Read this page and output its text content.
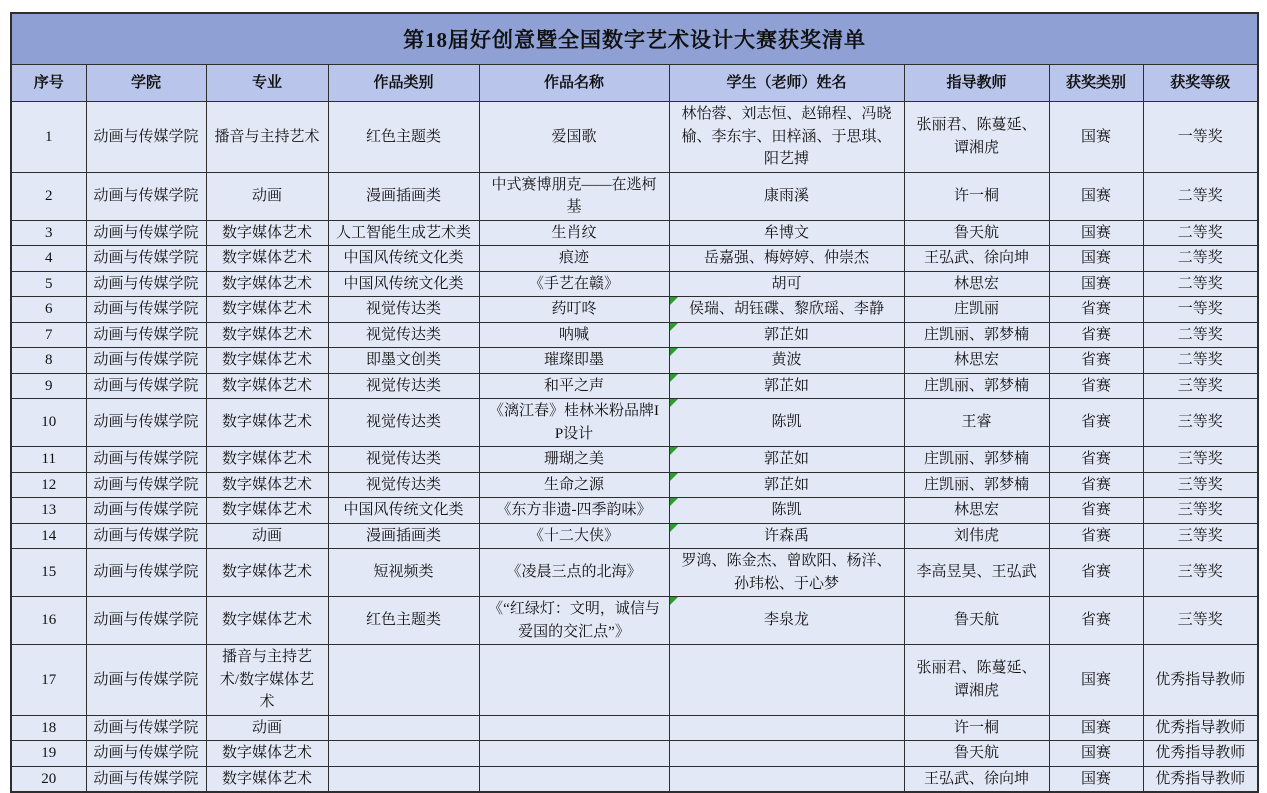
第18届好创意暨全国数字艺术设计大赛获奖清单								
序号	学院	专业	作品类别	作品名称	学生（老师）姓名	指导教师	获奖类别	获奖等级
1	动画与传媒学院	播音与主持艺术	红色主题类	爱国歌	林怡蓉、刘志恒、赵锦程、冯晓榆、李东宇、田梓涵、于思琪、阳艺搏	张丽君、陈蔓延、谭湘虎	国赛	一等奖
2	动画与传媒学院	动画	漫画插画类	中式赛博朋克——在逃柯基	康雨溪	许一桐	国赛	二等奖
3	动画与传媒学院	数字媒体艺术	人工智能生成艺术类	生肖纹	牟博文	鲁天航	国赛	二等奖
4	动画与传媒学院	数字媒体艺术	中国风传统文化类	痕迹	岳嘉强、梅婷婷、仲崇杰	王弘武、徐向坤	国赛	二等奖
5	动画与传媒学院	数字媒体艺术	中国风传统文化类	《手艺在赣》	胡可	林思宏	国赛	二等奖
6	动画与传媒学院	数字媒体艺术	视觉传达类	药叮咚	侯瑞、胡钰碟、黎欣瑶、李静	庄凯丽	省赛	一等奖
7	动画与传媒学院	数字媒体艺术	视觉传达类	呐喊	郭芷如	庄凯丽、郭梦楠	省赛	二等奖
8	动画与传媒学院	数字媒体艺术	即墨文创类	璀璨即墨	黄波	林思宏	省赛	二等奖
9	动画与传媒学院	数字媒体艺术	视觉传达类	和平之声	郭芷如	庄凯丽、郭梦楠	省赛	三等奖
10	动画与传媒学院	数字媒体艺术	视觉传达类	《漓江春》桂林米粉品牌IP设计	陈凯	王睿	省赛	三等奖
11	动画与传媒学院	数字媒体艺术	视觉传达类	珊瑚之美	郭芷如	庄凯丽、郭梦楠	省赛	三等奖
12	动画与传媒学院	数字媒体艺术	视觉传达类	生命之源	郭芷如	庄凯丽、郭梦楠	省赛	三等奖
13	动画与传媒学院	数字媒体艺术	中国风传统文化类	《东方非遗-四季韵味》	陈凯	林思宏	省赛	三等奖
14	动画与传媒学院	动画	漫画插画类	《十二大侠》	许森禹	刘伟虎	省赛	三等奖
15	动画与传媒学院	数字媒体艺术	短视频类	《凌晨三点的北海》	罗鸿、陈金杰、曾欧阳、杨洋、孙玮松、于心梦	李高昱昊、王弘武	省赛	三等奖
16	动画与传媒学院	数字媒体艺术	红色主题类	《“红绿灯：文明，诚信与爱国的交汇点”》	李泉龙	鲁天航	省赛	三等奖
17	动画与传媒学院	播音与主持艺术/数字媒体艺术				张丽君、陈蔓延、谭湘虎	国赛	优秀指导教师
18	动画与传媒学院	动画				许一桐	国赛	优秀指导教师
19	动画与传媒学院	数字媒体艺术				鲁天航	国赛	优秀指导教师
20	动画与传媒学院	数字媒体艺术				王弘武、徐向坤	国赛	优秀指导教师
